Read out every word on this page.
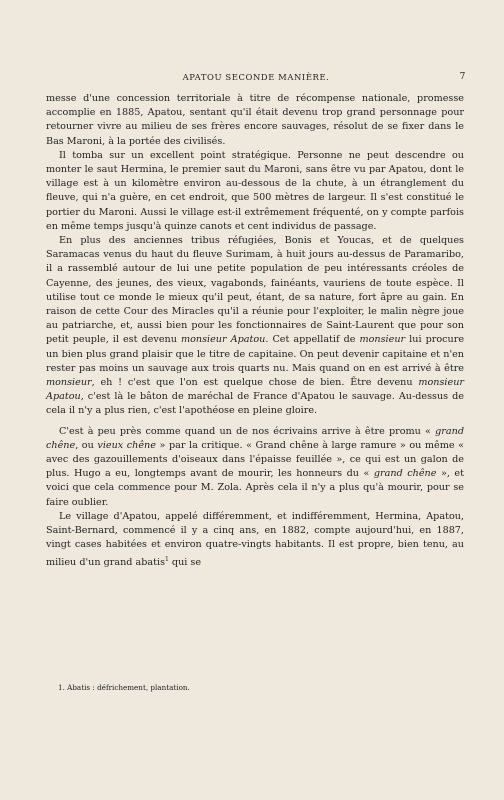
APATOU SECONDE MANIÈRE.	7

messe d'une concession territoriale à titre de récompense nationale, promesse accomplie en 1885, Apatou, sentant qu'il était devenu trop grand personnage pour retourner vivre au milieu de ses frères encore sauvages, résolut de se fixer dans le Bas Maroni, à la portée des civilisés.

Il tomba sur un excellent point stratégique. Personne ne peut descendre ou monter le saut Hermina, le premier saut du Maroni, sans être vu par Apatou, dont le village est à un kilomètre environ au-dessous de la chute, à un étranglement du fleuve, qui n'a guère, en cet endroit, que 500 mètres de largeur. Il s'est constitué le portier du Maroni. Aussi le village est-il extrêmement fréquenté, on y compte parfois en même temps jusqu'à quinze canots et cent individus de passage.

En plus des anciennes tribus réfugiées, Bonis et Youcas, et de quelques Saramacas venus du haut du fleuve Surimam, à huit jours au-dessus de Paramaribo, il a rassemblé autour de lui une petite population de peu intéressants créoles de Cayenne, des jeunes, des vieux, vagabonds, fainéants, vauriens de toute espèce. Il utilise tout ce monde le mieux qu'il peut, étant, de sa nature, fort âpre au gain. En raison de cette Cour des Miracles qu'il a réunie pour l'exploiter, le malin nègre joue au patriarche, et, aussi bien pour les fonctionnaires de Saint-Laurent que pour son petit peuple, il est devenu monsieur Apatou. Cet appellatif de monsieur lui procure un bien plus grand plaisir que le titre de capitaine. On peut devenir capitaine et n'en rester pas moins un sauvage aux trois quarts nu. Mais quand on en est arrivé à être monsieur, eh ! c'est que l'on est quelque chose de bien. Être devenu monsieur Apatou, c'est là le bâton de maréchal de France d'Apatou le sauvage. Au-dessus de cela il n'y a plus rien, c'est l'apothéose en pleine gloire.

C'est à peu près comme quand un de nos écrivains arrive à être promu « grand chêne, ou vieux chêne » par la critique. « Grand chêne à large ramure » ou même « avec des gazouillements d'oiseaux dans l'épaisse feuillée », ce qui est un galon de plus. Hugo a eu, longtemps avant de mourir, les honneurs du « grand chêne », et voici que cela commence pour M. Zola. Après cela il n'y a plus qu'à mourir, pour se faire oublier.

Le village d'Apatou, appelé différemment, et indifféremment, Hermina, Apatou, Saint-Bernard, commencé il y a cinq ans, en 1882, compte aujourd'hui, en 1887, vingt cases habitées et environ quatre-vingts habitants. Il est propre, bien tenu, au milieu d'un grand abatis$^1$ qui se

1. Abatis : défrichement, plantation.
